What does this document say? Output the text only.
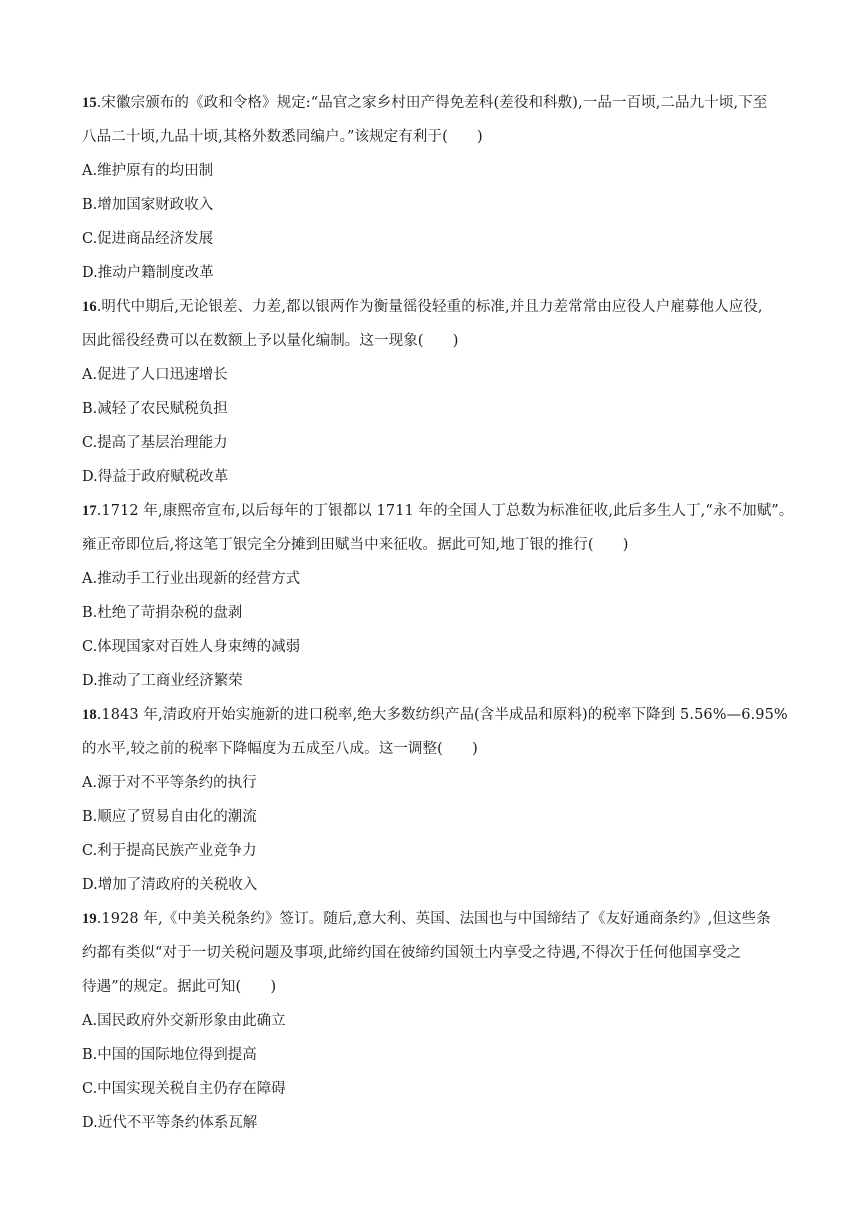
15.宋徽宗颁布的《政和令格》规定:“品官之家乡村田产得免差科(差役和科敷),一品一百顷,二品九十顷,下至
八品二十顷,九品十顷,其格外数悉同编户。”该规定有利于(　　)
A.维护原有的均田制
B.增加国家财政收入
C.促进商品经济发展
D.推动户籍制度改革
16.明代中期后,无论银差、力差,都以银两作为衡量徭役轻重的标准,并且力差常常由应役人户雇募他人应役,
因此徭役经费可以在数额上予以量化编制。这一现象(　　)
A.促进了人口迅速增长
B.减轻了农民赋税负担
C.提高了基层治理能力
D.得益于政府赋税改革
17.1712 年,康熙帝宣布,以后每年的丁银都以 1711 年的全国人丁总数为标准征收,此后多生人丁,“永不加赋”。
雍正帝即位后,将这笔丁银完全分摊到田赋当中来征收。据此可知,地丁银的推行(　　)
A.推动手工行业出现新的经营方式
B.杜绝了苛捐杂税的盘剥
C.体现国家对百姓人身束缚的减弱
D.推动了工商业经济繁荣
18.1843 年,清政府开始实施新的进口税率,绝大多数纺织产品(含半成品和原料)的税率下降到 5.56%—6.95%
的水平,较之前的税率下降幅度为五成至八成。这一调整(　　)
A.源于对不平等条约的执行
B.顺应了贸易自由化的潮流
C.利于提高民族产业竞争力
D.增加了清政府的关税收入
19.1928 年,《中美关税条约》签订。随后,意大利、英国、法国也与中国缔结了《友好通商条约》,但这些条
约都有类似“对于一切关税问题及事项,此缔约国在彼缔约国领土内享受之待遇,不得次于任何他国享受之
待遇”的规定。据此可知(　　)
A.国民政府外交新形象由此确立
B.中国的国际地位得到提高
C.中国实现关税自主仍存在障碍
D.近代不平等条约体系瓦解
